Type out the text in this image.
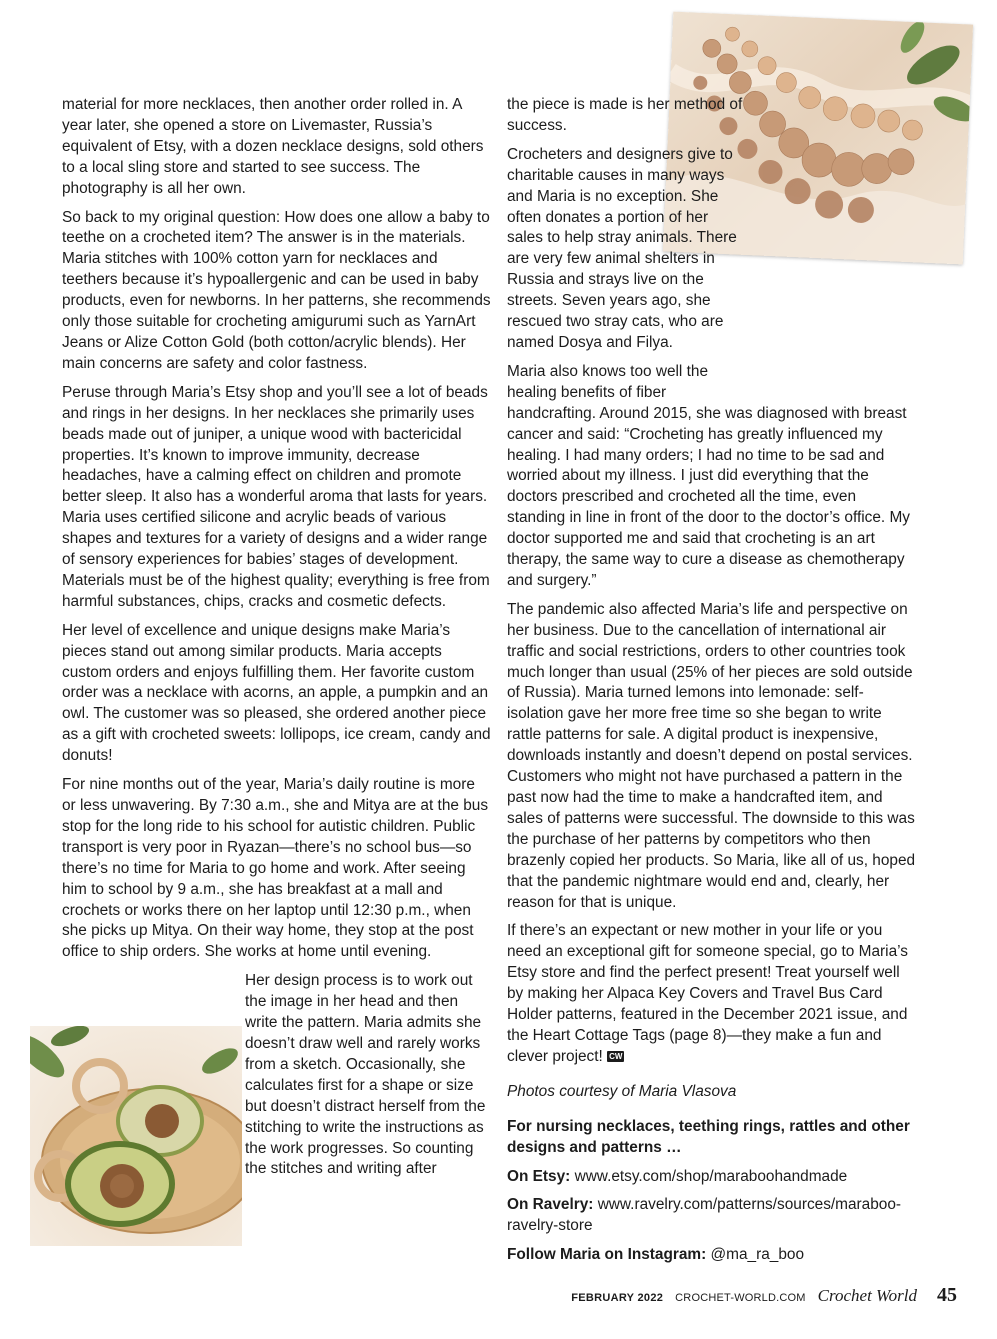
material for more necklaces, then another order rolled in. A year later, she opened a store on Livemaster, Russia’s equivalent of Etsy, with a dozen necklace designs, sold others to a local sling store and started to see success. The photography is all her own.

So back to my original question: How does one allow a baby to teethe on a crocheted item? The answer is in the materials. Maria stitches with 100% cotton yarn for necklaces and teethers because it’s hypoallergenic and can be used in baby products, even for newborns. In her patterns, she recommends only those suitable for crocheting amigurumi such as YarnArt Jeans or Alize Cotton Gold (both cotton/acrylic blends). Her main concerns are safety and color fastness.

Peruse through Maria’s Etsy shop and you’ll see a lot of beads and rings in her designs. In her necklaces she primarily uses beads made out of juniper, a unique wood with bactericidal properties. It’s known to improve immunity, decrease headaches, have a calming effect on children and promote better sleep. It also has a wonderful aroma that lasts for years. Maria uses certified silicone and acrylic beads of various shapes and textures for a variety of designs and a wider range of sensory experiences for babies’ stages of development. Materials must be of the highest quality; everything is free from harmful substances, chips, cracks and cosmetic defects.

Her level of excellence and unique designs make Maria’s pieces stand out among similar products. Maria accepts custom orders and enjoys fulfilling them. Her favorite custom order was a necklace with acorns, an apple, a pumpkin and an owl. The customer was so pleased, she ordered another piece as a gift with crocheted sweets: lollipops, ice cream, candy and donuts!

For nine months out of the year, Maria’s daily routine is more or less unwavering. By 7:30 a.m., she and Mitya are at the bus stop for the long ride to his school for autistic children. Public transport is very poor in Ryazan—there’s no school bus—so there’s no time for Maria to go home and work. After seeing him to school by 9 a.m., she has breakfast at a mall and crochets or works there on her laptop until 12:30 p.m., when she picks up Mitya. On their way home, they stop at the post office to ship orders. She works at home until evening.

Her design process is to work out the image in her head and then write the pattern. Maria admits she doesn’t draw well and rarely works from a sketch. Occasionally, she calculates first for a shape or size but doesn’t distract herself from the stitching to write the instructions as the work progresses. So counting the stitches and writing after

the piece is made is her method of success.

Crocheters and designers give to charitable causes in many ways and Maria is no exception. She often donates a portion of her sales to help stray animals. There are very few animal shelters in Russia and strays live on the streets. Seven years ago, she rescued two stray cats, who are named Dosya and Filya.

Maria also knows too well the healing benefits of fiber handcrafting. Around 2015, she was diagnosed with breast cancer and said: “Crocheting has greatly influenced my healing. I had many orders; I had no time to be sad and worried about my illness. I just did everything that the doctors prescribed and crocheted all the time, even standing in line in front of the door to the doctor’s office. My doctor supported me and said that crocheting is an art therapy, the same way to cure a disease as chemotherapy and surgery.”

The pandemic also affected Maria’s life and perspective on her business. Due to the cancellation of international air traffic and social restrictions, orders to other countries took much longer than usual (25% of her pieces are sold outside of Russia). Maria turned lemons into lemonade: self-isolation gave her more free time so she began to write rattle patterns for sale. A digital product is inexpensive, downloads instantly and doesn’t depend on postal services. Customers who might not have purchased a pattern in the past now had the time to make a handcrafted item, and sales of patterns were successful. The downside to this was the purchase of her patterns by competitors who then brazenly copied her products. So Maria, like all of us, hoped that the pandemic nightmare would end and, clearly, her reason for that is unique.

If there’s an expectant or new mother in your life or you need an exceptional gift for someone special, go to Maria’s Etsy store and find the perfect present! Treat yourself well by making her Alpaca Key Covers and Travel Bus Card Holder patterns, featured in the December 2021 issue, and the Heart Cottage Tags (page 8)—they make a fun and clever project! CW

Photos courtesy of Maria Vlasova

For nursing necklaces, teething rings, rattles and other designs and patterns …

On Etsy: www.etsy.com/shop/maraboohandmade

On Ravelry: www.ravelry.com/patterns/sources/maraboo-ravelry-store

Follow Maria on Instagram: @ma_ra_boo

FEBRUARY 2022 CROCHET-WORLD.COM Crochet World 45
